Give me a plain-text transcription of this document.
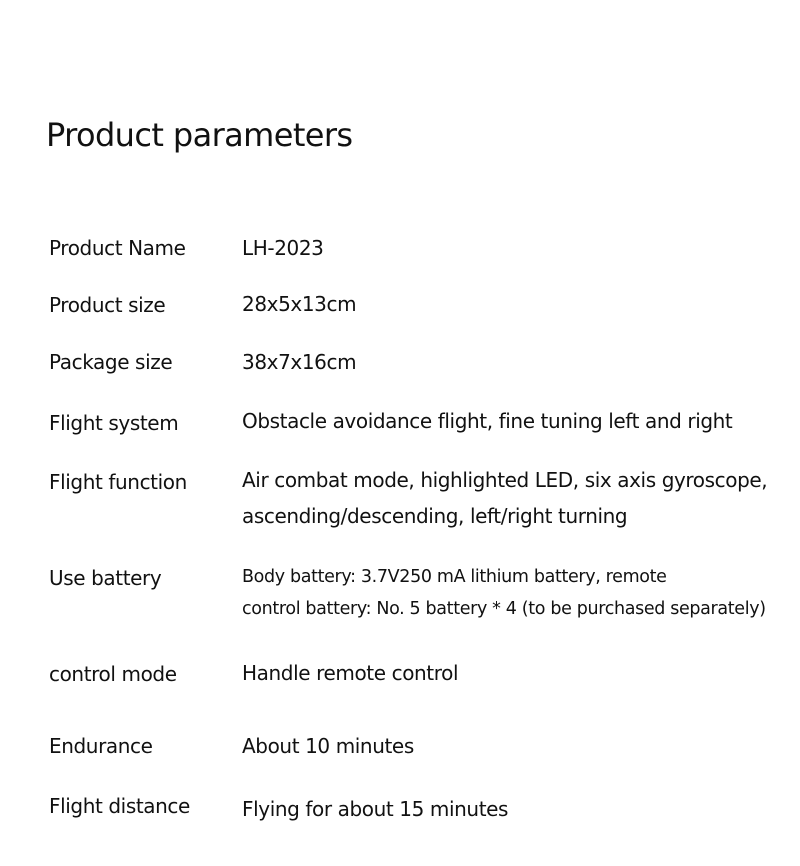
Product parameters
Product Name	LH-2023
Product size	28x5x13cm
Package size	38x7x16cm
Flight system	Obstacle avoidance flight, fine tuning left and right
Flight function	Air combat mode, highlighted LED, six axis gyroscope,
ascending/descending, left/right turning
Use battery	Body battery: 3.7V250 mA lithium battery, remote
control battery: No. 5 battery * 4 (to be purchased separately)
control mode	Handle remote control
Endurance	About 10 minutes
Flight distance	Flying for about 15 minutes
